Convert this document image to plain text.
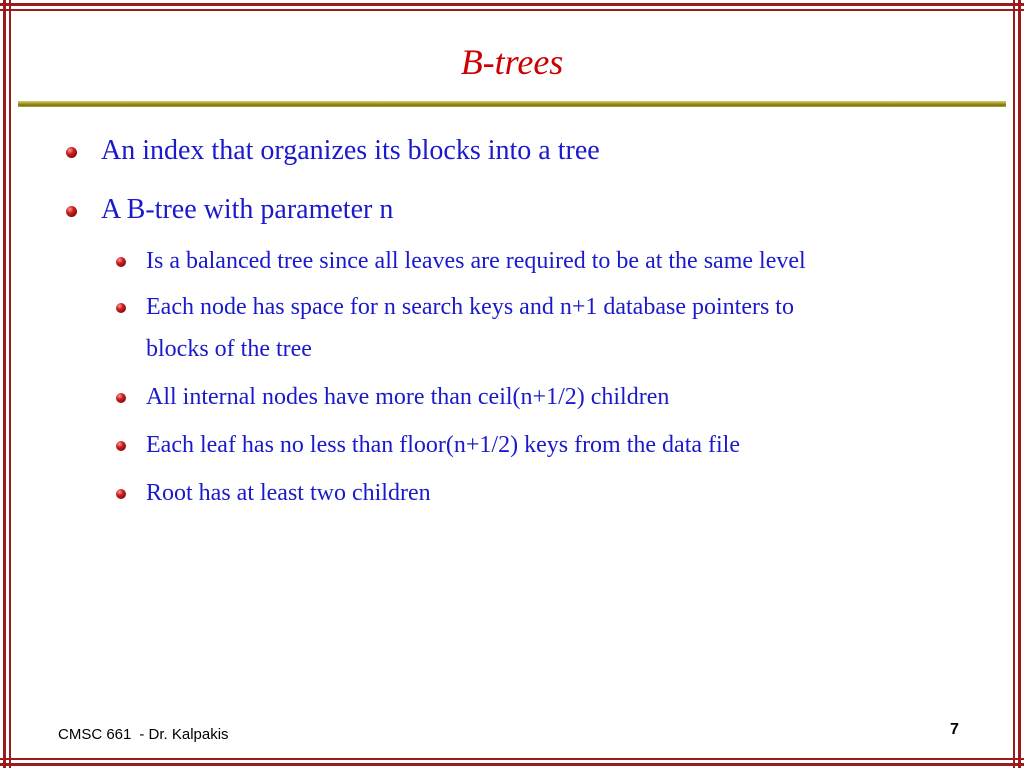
B-trees
An index that organizes its blocks into a tree
A B-tree with parameter n
Is a balanced tree since all leaves are required to be at the same level
Each node has space for n search keys and n+1 database pointers to
blocks of the tree
All internal nodes have more than ceil(n+1/2) children
Each leaf has no less than floor(n+1/2) keys from the data file
Root has at least two children
CMSC 661 - Dr. Kalpakis	7
